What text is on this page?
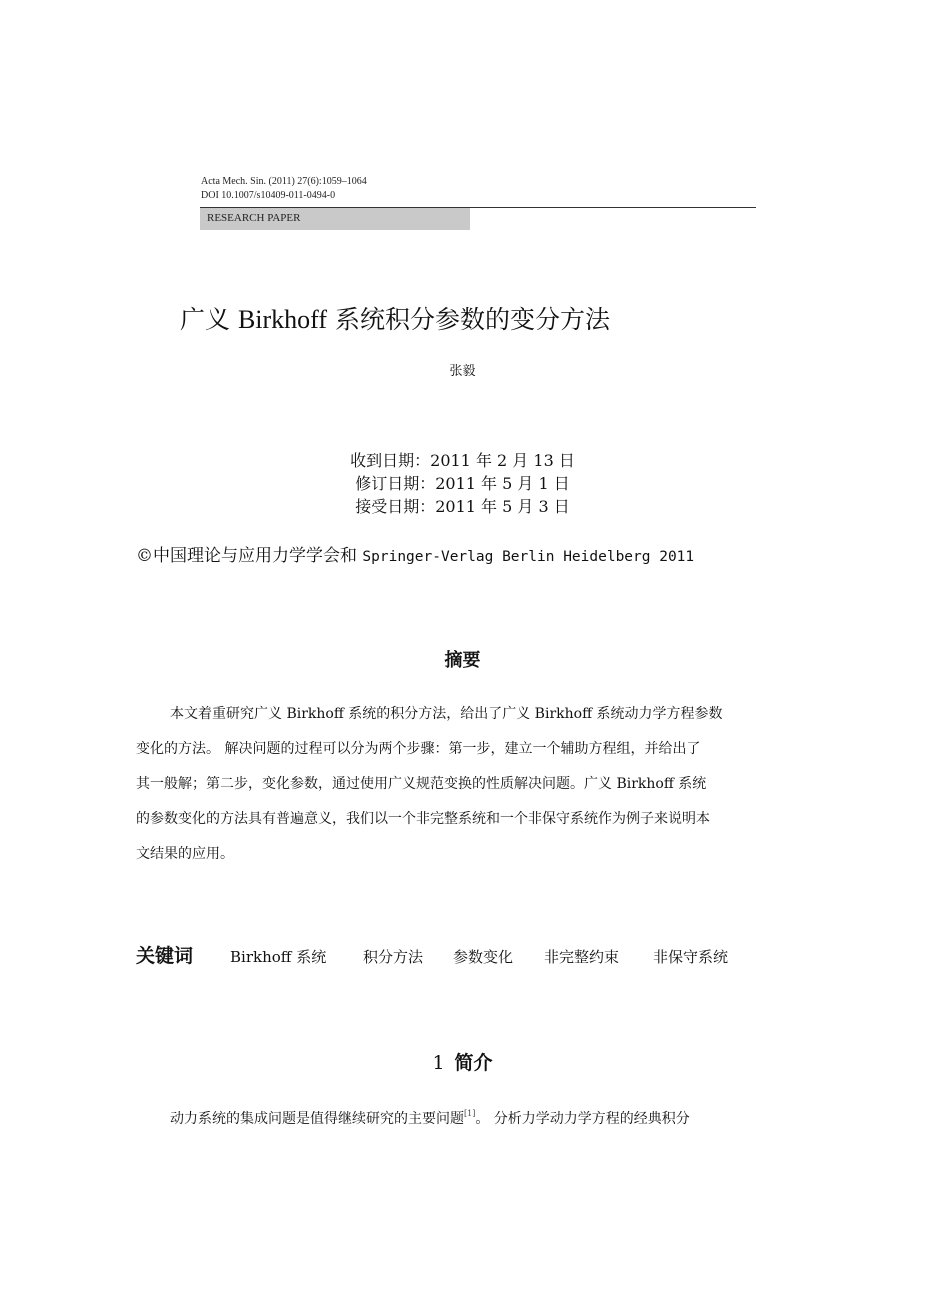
Acta Mech. Sin. (2011) 27(6):1059–1064
DOI 10.1007/s10409-011-0494-0
RESEARCH PAPER
广义 Birkhoff 系统积分参数的变分方法
张毅
收到日期：2011 年 2 月 13 日
修订日期：2011 年 5 月 1 日
接受日期：2011 年 5 月 3 日
©中国理论与应用力学学会和 Springer-Verlag Berlin Heidelberg 2011
摘要
本文着重研究广义 Birkhoff 系统的积分方法，给出了广义 Birkhoff 系统动力学方程参数
变化的方法。 解决问题的过程可以分为两个步骤：第一步，建立一个辅助方程组，并给出了
其一般解；第二步，变化参数，通过使用广义规范变换的性质解决问题。广义 Birkhoff 系统
的参数变化的方法具有普遍意义，我们以一个非完整系统和一个非保守系统作为例子来说明本
文结果的应用。
关键词 Birkhoff 系统 积分方法 参数变化 非完整约束 非保守系统
1 简介
动力系统的集成问题是值得继续研究的主要问题[1]。 分析力学动力学方程的经典积分
